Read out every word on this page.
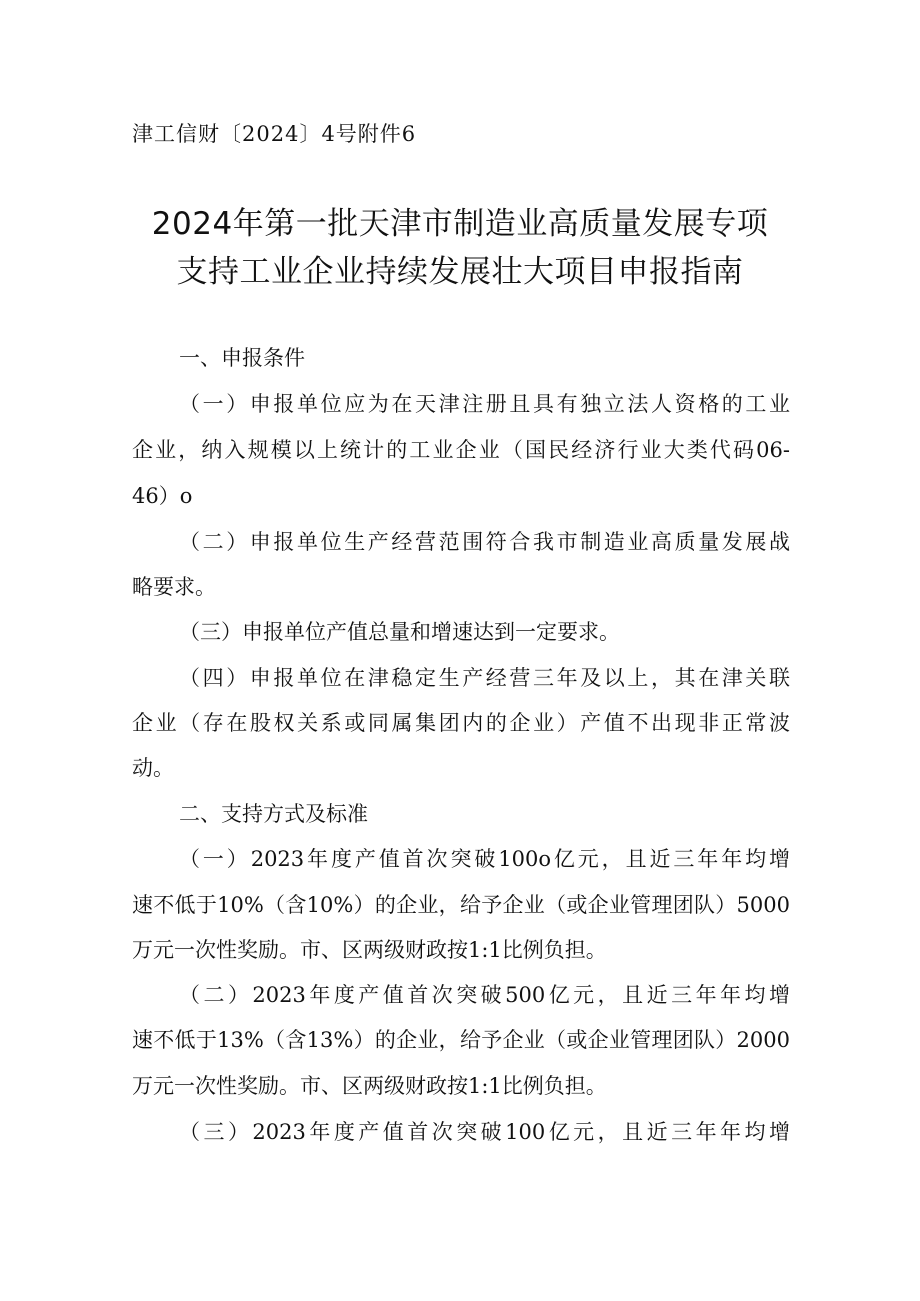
津工信财〔2024〕4号附件6
2024年第一批天津市制造业高质量发展专项
支持工业企业持续发展壮大项目申报指南
一、申报条件
（一）申报单位应为在天津注册且具有独立法人资格的工业
企业，纳入规模以上统计的工业企业（国民经济行业大类代码06-
46）o
（二）申报单位生产经营范围符合我市制造业高质量发展战
略要求。
（三）申报单位产值总量和增速达到一定要求。
（四）申报单位在津稳定生产经营三年及以上，其在津关联
企业（存在股权关系或同属集团内的企业）产值不出现非正常波
动。
二、支持方式及标准
（一）2023年度产值首次突破100o亿元，且近三年年均增
速不低于10%（含10%）的企业，给予企业（或企业管理团队）5000
万元一次性奖励。市、区两级财政按1:1比例负担。
（二）2023年度产值首次突破500亿元，且近三年年均增
速不低于13%（含13%）的企业，给予企业（或企业管理团队）2000
万元一次性奖励。市、区两级财政按1:1比例负担。
（三）2023年度产值首次突破100亿元，且近三年年均增
